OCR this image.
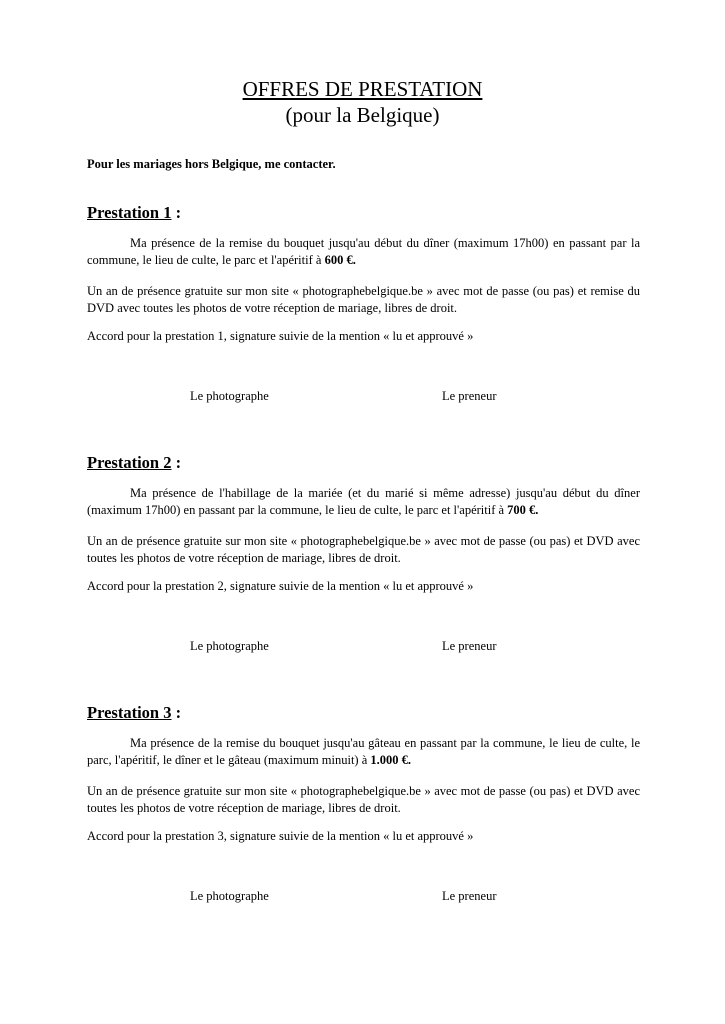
OFFRES DE PRESTATION
(pour la Belgique)
Pour les mariages hors Belgique, me contacter.
Prestation 1 :

Ma présence de la remise du bouquet jusqu'au début du dîner (maximum 17h00) en passant par la commune, le lieu de culte, le parc et l'apéritif à 600 €.

Un an de présence gratuite sur mon site « photographebelgique.be » avec mot de passe (ou pas) et remise du DVD avec toutes les photos de votre réception de mariage, libres de droit.

Accord pour la prestation 1, signature suivie de la mention « lu et approuvé »

Le photographe	Le preneur
Prestation 2 :

Ma présence de l'habillage de la mariée (et du marié si même adresse) jusqu'au début du dîner (maximum 17h00) en passant par la commune, le lieu de culte, le parc et l'apéritif à 700 €.

Un an de présence gratuite sur mon site « photographebelgique.be » avec mot de passe (ou pas) et DVD avec toutes les photos de votre réception de mariage, libres de droit.

Accord pour la prestation 2, signature suivie de la mention « lu et approuvé »

Le photographe	Le preneur
Prestation 3 :

Ma présence de la remise du bouquet jusqu'au gâteau en passant par la commune, le lieu de culte, le parc, l'apéritif, le dîner et le gâteau (maximum minuit) à 1.000 €.

Un an de présence gratuite sur mon site « photographebelgique.be » avec mot de passe (ou pas) et DVD avec toutes les photos de votre réception de mariage, libres de droit.

Accord pour la prestation 3, signature suivie de la mention « lu et approuvé »

Le photographe	Le preneur
